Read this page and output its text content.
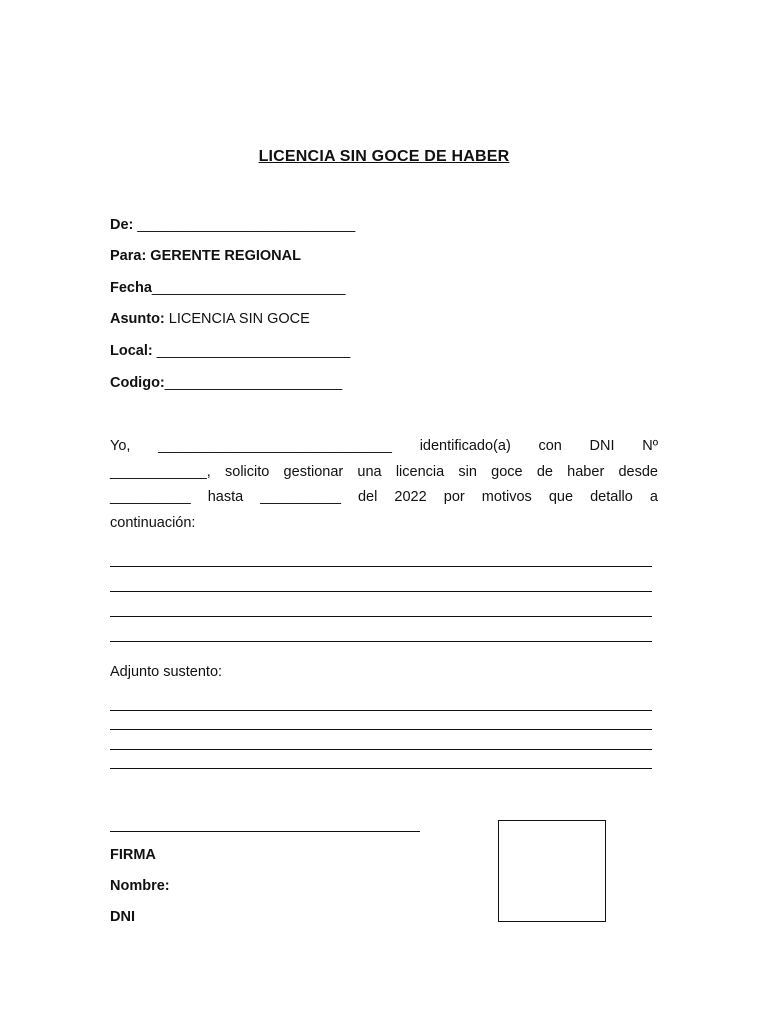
LICENCIA SIN GOCE DE HABER
De: ___________________________
Para: GERENTE REGIONAL
Fecha________________________
Asunto: LICENCIA SIN GOCE
Local: ________________________
Codigo:______________________
Yo, _____________________________ identificado(a) con DNI Nº
____________, solicito gestionar una licencia sin goce de haber desde
__________ hasta __________ del 2022 por motivos que detallo a
continuación:
Adjunto sustento:
FIRMA
Nombre:
DNI
